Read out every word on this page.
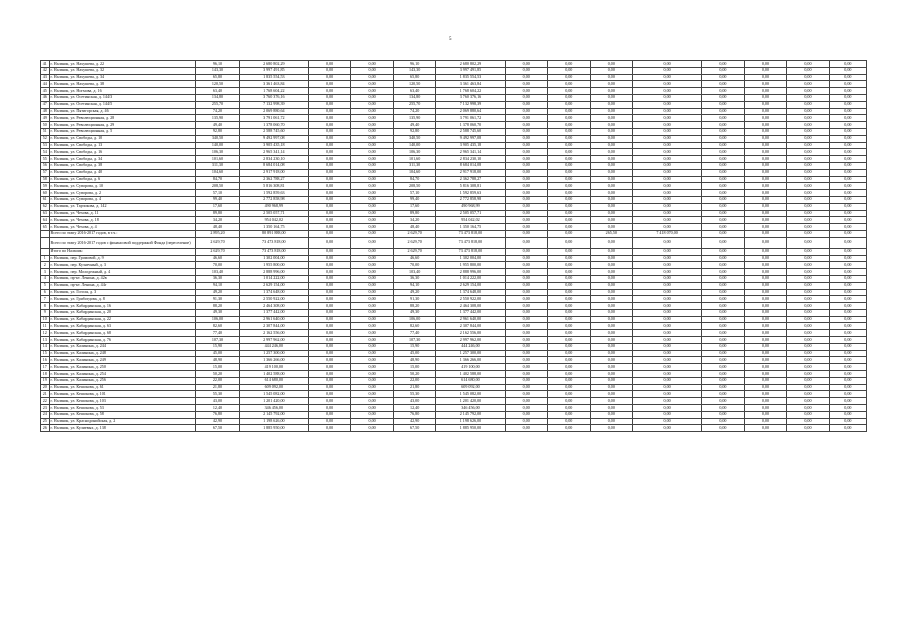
5
41	г. Нальчик, ул. Нахушева, д. 22	96,10	2 680 802,29	0,00	0,00	96,10	2 680 802,29	0,00	0,00	0,00	0,00	0,00	0,00	0,00	0,00
42	г. Нальчик, ул. Нахушева, д. 32	143,30	3 997 491,85	0,00	0,00	143,30	3 997 491,85	0,00	0,00	0,00	0,00	0,00	0,00	0,00	0,00
43	г. Нальчик, ул. Нахушева, д. 34	65,80	1 835 554,53	0,00	0,00	65,80	1 835 554,53	0,00	0,00	0,00	0,00	0,00	0,00	0,00	0,00
44	г. Нальчик, ул. Нахушева, д. 38	120,50	3 361 463,84	0,00	0,00	120,50	3 361 463,84	0,00	0,00	0,00	0,00	0,00	0,00	0,00	0,00
45	г. Нальчик, ул. Ногмова, д. 16	63,40	1 768 604,22	0,00	0,00	63,40	1 768 604,22	0,00	0,00	0,00	0,00	0,00	0,00	0,00	0,00
46	г. Нальчик, ул. Осетинская, д. 144/3	134,80	3 760 376,16	0,00	0,00	134,80	3 760 376,16	0,00	0,00	0,00	0,00	0,00	0,00	0,00	0,00
47	г. Нальчик, ул. Осетинская, д. 144/5	255,70	7 132 998,39	0,00	0,00	255,70	7 132 998,39	0,00	0,00	0,00	0,00	0,00	0,00	0,00	0,00
48	г. Нальчик, ул. Пятигорская, д. 46	74,20	2 069 880,64	0,00	0,00	74,20	2 069 880,64	0,00	0,00	0,00	0,00	0,00	0,00	0,00	0,00
49	г. Нальчик, ул. Революционная, д. 28	135,90	3 791 061,72	0,00	0,00	135,90	3 791 061,72	0,00	0,00	0,00	0,00	0,00	0,00	0,00	0,00
50	г. Нальчик, ул. Революционная, д. 29	49,40	1 378 060,70	0,00	0,00	49,40	1 378 060,70	0,00	0,00	0,00	0,00	0,00	0,00	0,00	0,00
51	г. Нальчик, ул. Революционная, д. 5	92,80	2 588 745,60	0,00	0,00	92,80	2 588 745,60	0,00	0,00	0,00	0,00	0,00	0,00	0,00	0,00
52	г. Нальчик, ул. Свободы, д. 10	340,50	9 492 997,08	0,00	0,00	340,50	9 492 997,08	0,00	0,00	0,00	0,00	0,00	0,00	0,00	0,00
53	г. Нальчик, ул. Свободы, д. 13	140,00	3 905 435,18	0,00	0,00	140,00	3 905 435,18	0,00	0,00	0,00	0,00	0,00	0,00	0,00	0,00
54	г. Нальчик, ул. Свободы, д. 16	106,30	2 965 341,14	0,00	0,00	106,30	2 965 341,14	0,00	0,00	0,00	0,00	0,00	0,00	0,00	0,00
55	г. Нальчик, ул. Свободы, д. 34	101,60	2 834 230,10	0,00	0,00	101,60	2 834 230,10	0,00	0,00	0,00	0,00	0,00	0,00	0,00	0,00
56	г. Нальчик, ул. Свободы, д. 38	311,30	8 684 014,08	0,00	0,00	311,30	8 684 014,08	0,00	0,00	0,00	0,00	0,00	0,00	0,00	0,00
57	г. Нальчик, ул. Свободы, д. 40	104,60	2 917 918,00	0,00	0,00	104,60	2 917 918,00	0,00	0,00	0,00	0,00	0,00	0,00	0,00	0,00
58	г. Нальчик, ул. Свободы, д. 6	84,70	2 362 788,27	0,00	0,00	84,70	2 362 788,27	0,00	0,00	0,00	0,00	0,00	0,00	0,00	0,00
59	г. Нальчик, ул. Суворова, д. 10	208,50	5 816 308,81	0,00	0,00	208,50	5 816 308,81	0,00	0,00	0,00	0,00	0,00	0,00	0,00	0,00
60	г. Нальчик, ул. Суворова, д. 2	57,10	1 592 859,63	0,00	0,00	57,10	1 592 859,63	0,00	0,00	0,00	0,00	0,00	0,00	0,00	0,00
61	г. Нальчик, ул. Суворова, д. 4	99,40	2 772 858,98	0,00	0,00	99,40	2 772 858,98	0,00	0,00	0,00	0,00	0,00	0,00	0,00	0,00
62	г. Нальчик, ул. Тарчокова, д. 142	17,60	490 968,99	0,00	0,00	17,60	490 968,99	0,00	0,00	0,00	0,00	0,00	0,00	0,00	0,00
63	г. Нальчик, ул. Чехова, д. 11	89,80	2 505 057,71	0,00	0,00	89,80	2 505 057,71	0,00	0,00	0,00	0,00	0,00	0,00	0,00	0,00
64	г. Нальчик, ул. Чехова, д. 18	34,20	954 042,02	0,00	0,00	34,20	954 042,02	0,00	0,00	0,00	0,00	0,00	0,00	0,00	0,00
65	г. Нальчик, ул. Чехова, д. 4	48,40	1 350 164,75	0,00	0,00	48,40	1 350 164,75	0,00	0,00	0,00	0,00	0,00	0,00	0,00	0,00
	Всего по этапу 2016-2017 годов, в т.ч.:	2 895,20	80 891 888,00	0,00	0,00	2 629,70	73 473 818,00	0,00	0,00	265,50	7 418 070,00	0,00	0,00	0,00	0,00
	Всего по этапу 2016-2017 годов с финансовой поддержкой Фонда (переселение)	2 629,70	73 473 818,00	0,00	0,00	2 629,70	73 473 818,00	0,00	0,00	0,00	0,00	0,00	0,00	0,00	0,00
	Итого по Нальчик:	2 629,70	73 473 818,00	0,00	0,00	2 629,70	73 473 818,00	0,00	0,00	0,00	0,00	0,00	0,00	0,00	0,00
1	г. Нальчик, пер. Громовой, д. 9	46,60	1 302 004,00	0,00	0,00	46,60	1 302 004,00	0,00	0,00	0,00	0,00	0,00	0,00	0,00	0,00
2	г. Нальчик, пер. Кузнечный, д. 3	70,00	1 955 800,00	0,00	0,00	70,00	1 955 800,00	0,00	0,00	0,00	0,00	0,00	0,00	0,00	0,00
3	г. Нальчик, пер. Молодежный, д. 4	103,40	2 888 996,00	0,00	0,00	103,40	2 888 996,00	0,00	0,00	0,00	0,00	0,00	0,00	0,00	0,00
4	г. Нальчик, пр-кт. Ленина, д. 42в	36,30	1 014 222,00	0,00	0,00	36,30	1 014 222,00	0,00	0,00	0,00	0,00	0,00	0,00	0,00	0,00
5	г. Нальчик, пр-кт. Ленина, д. 44г	94,10	2 629 154,00	0,00	0,00	94,10	2 629 154,00	0,00	0,00	0,00	0,00	0,00	0,00	0,00	0,00
6	г. Нальчик, ул. Гоголя, д. 3	49,20	1 374 648,00	0,00	0,00	49,20	1 374 648,00	0,00	0,00	0,00	0,00	0,00	0,00	0,00	0,00
7	г. Нальчик, ул. Грибоедова, д. 8	91,30	2 550 922,00	0,00	0,00	91,30	2 550 922,00	0,00	0,00	0,00	0,00	0,00	0,00	0,00	0,00
8	г. Нальчик, ул. Кабардинская, д. 16	88,20	2 464 308,00	0,00	0,00	88,20	2 464 308,00	0,00	0,00	0,00	0,00	0,00	0,00	0,00	0,00
9	г. Нальчик, ул. Кабардинская, д. 20	49,30	1 377 442,00	0,00	0,00	49,30	1 377 442,00	0,00	0,00	0,00	0,00	0,00	0,00	0,00	0,00
10	г. Нальчик, ул. Кабардинская, д. 22	106,00	2 961 640,00	0,00	0,00	106,00	2 961 640,00	0,00	0,00	0,00	0,00	0,00	0,00	0,00	0,00
11	г. Нальчик, ул. Кабардинская, д. 63	82,60	2 307 844,00	0,00	0,00	82,60	2 307 844,00	0,00	0,00	0,00	0,00	0,00	0,00	0,00	0,00
12	г. Нальчик, ул. Кабардинская, д. 68	77,40	2 162 556,00	0,00	0,00	77,40	2 162 556,00	0,00	0,00	0,00	0,00	0,00	0,00	0,00	0,00
13	г. Нальчик, ул. Кабардинская, д. 76	107,30	2 997 962,00	0,00	0,00	107,30	2 997 962,00	0,00	0,00	0,00	0,00	0,00	0,00	0,00	0,00
14	г. Нальчик, ул. Калинина, д. 244	15,90	444 246,00	0,00	0,00	15,90	444 246,00	0,00	0,00	0,00	0,00	0,00	0,00	0,00	0,00
15	г. Нальчик, ул. Калинина, д. 248	45,00	1 257 300,00	0,00	0,00	45,00	1 257 300,00	0,00	0,00	0,00	0,00	0,00	0,00	0,00	0,00
16	г. Нальчик, ул. Калинина, д. 249	48,90	1 366 266,00	0,00	0,00	48,90	1 366 266,00	0,00	0,00	0,00	0,00	0,00	0,00	0,00	0,00
17	г. Нальчик, ул. Калинина, д. 250	15,00	419 100,00	0,00	0,00	15,00	419 100,00	0,00	0,00	0,00	0,00	0,00	0,00	0,00	0,00
18	г. Нальчик, ул. Калинина, д. 254	50,20	1 402 588,00	0,00	0,00	50,20	1 402 588,00	0,00	0,00	0,00	0,00	0,00	0,00	0,00	0,00
19	г. Нальчик, ул. Калинина, д. 256	22,00	614 680,00	0,00	0,00	22,00	614 680,00	0,00	0,00	0,00	0,00	0,00	0,00	0,00	0,00
20	г. Нальчик, ул. Кешокова, д. 61	21,80	609 092,00	0,00	0,00	21,80	609 092,00	0,00	0,00	0,00	0,00	0,00	0,00	0,00	0,00
21	г. Нальчик, ул. Кешокова, д. 101	55,30	1 545 082,00	0,00	0,00	55,30	1 545 082,00	0,00	0,00	0,00	0,00	0,00	0,00	0,00	0,00
22	г. Нальчик, ул. Кешокова, д. 103	43,00	1 201 420,00	0,00	0,00	43,00	1 201 420,00	0,00	0,00	0,00	0,00	0,00	0,00	0,00	0,00
23	г. Нальчик, ул. Кешокова, д. 53	12,40	346 456,00	0,00	0,00	12,40	346 456,00	0,00	0,00	0,00	0,00	0,00	0,00	0,00	0,00
24	г. Нальчик, ул. Кешокова, д. 58	76,80	2 145 792,00	0,00	0,00	76,80	2 145 792,00	0,00	0,00	0,00	0,00	0,00	0,00	0,00	0,00
25	г. Нальчик, ул. Краснодонийская, д. 2	42,90	1 198 626,00	0,00	0,00	42,90	1 198 626,00	0,00	0,00	0,00	0,00	0,00	0,00	0,00	0,00
26	г. Нальчик, ул. Кулиевых, д. 138	67,50	1 885 950,00	0,00	0,00	67,50	1 885 950,00	0,00	0,00	0,00	0,00	0,00	0,00	0,00	0,00
